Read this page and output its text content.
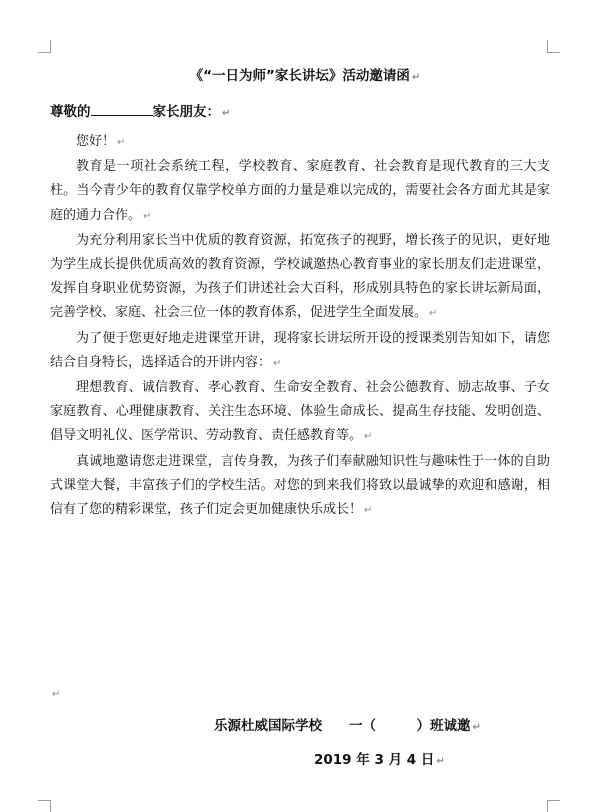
《“一日为师”家长讲坛》活动邀请函 ↵
尊敬的	家长朋友： ↵

您好！ ↵

教育是一项社会系统工程，学校教育、家庭教育、社会教育是现代教育的三大支柱。当今青少年的教育仅靠学校单方面的力量是难以完成的，需要社会各方面尤其是家庭的通力合作。 ↵

为充分利用家长当中优质的教育资源，拓宽孩子的视野，增长孩子的见识，更好地为学生成长提供优质高效的教育资源，学校诚邀热心教育事业的家长朋友们走进课堂，发挥自身职业优势资源，为孩子们讲述社会大百科，形成别具特色的家长讲坛新局面，完善学校、家庭、社会三位一体的教育体系，促进学生全面发展。 ↵

为了便于您更好地走进课堂开讲，现将家长讲坛所开设的授课类别告知如下，请您结合自身特长，选择适合的开讲内容： ↵

理想教育、诚信教育、孝心教育、生命安全教育、社会公德教育、励志故事、子女家庭教育、心理健康教育、关注生态环境、体验生命成长、提高生存技能、发明创造、倡导文明礼仪、医学常识、劳动教育、责任感教育等。 ↵

真诚地邀请您走进课堂，言传身教，为孩子们奉献融知识性与趣味性于一体的自助式课堂大餐，丰富孩子们的学校生活。对您的到来我们将致以最诚挚的欢迎和感谢，相信有了您的精彩课堂，孩子们定会更加健康快乐成长！ ↵

↵
乐源杜威国际学校　　一（　　　）班诚邀 ↵
2019 年 3 月 4 日 ↵
